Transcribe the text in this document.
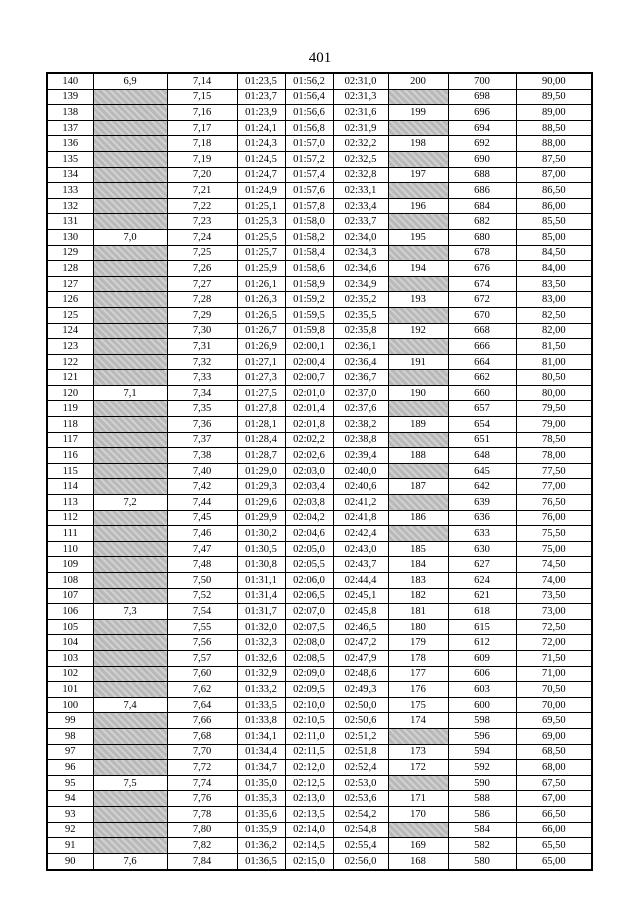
401
140	6,9	7,14	01:23,5	01:56,2	02:31,0	200	700	90,00
139		7,15	01:23,7	01:56,4	02:31,3		698	89,50
138		7,16	01:23,9	01:56,6	02:31,6	199	696	89,00
137		7,17	01:24,1	01:56,8	02:31,9		694	88,50
136		7,18	01:24,3	01:57,0	02:32,2	198	692	88,00
135		7,19	01:24,5	01:57,2	02:32,5		690	87,50
134		7,20	01:24,7	01:57,4	02:32,8	197	688	87,00
133		7,21	01:24,9	01:57,6	02:33,1		686	86,50
132		7,22	01:25,1	01:57,8	02:33,4	196	684	86,00
131		7,23	01:25,3	01:58,0	02:33,7		682	85,50
130	7,0	7,24	01:25,5	01:58,2	02:34,0	195	680	85,00
129		7,25	01:25,7	01:58,4	02:34,3		678	84,50
128		7,26	01:25,9	01:58,6	02:34,6	194	676	84,00
127		7,27	01:26,1	01:58,9	02:34,9		674	83,50
126		7,28	01:26,3	01:59,2	02:35,2	193	672	83,00
125		7,29	01:26,5	01:59,5	02:35,5		670	82,50
124		7,30	01:26,7	01:59,8	02:35,8	192	668	82,00
123		7,31	01:26,9	02:00,1	02:36,1		666	81,50
122		7,32	01:27,1	02:00,4	02:36,4	191	664	81,00
121		7,33	01:27,3	02:00,7	02:36,7		662	80,50
120	7,1	7,34	01:27,5	02:01,0	02:37,0	190	660	80,00
119		7,35	01:27,8	02:01,4	02:37,6		657	79,50
118		7,36	01:28,1	02:01,8	02:38,2	189	654	79,00
117		7,37	01:28,4	02:02,2	02:38,8		651	78,50
116		7,38	01:28,7	02:02,6	02:39,4	188	648	78,00
115		7,40	01:29,0	02:03,0	02:40,0		645	77,50
114		7,42	01:29,3	02:03,4	02:40,6	187	642	77,00
113	7,2	7,44	01:29,6	02:03,8	02:41,2		639	76,50
112		7,45	01:29,9	02:04,2	02:41,8	186	636	76,00
111		7,46	01:30,2	02:04,6	02:42,4		633	75,50
110		7,47	01:30,5	02:05,0	02:43,0	185	630	75,00
109		7,48	01:30,8	02:05,5	02:43,7	184	627	74,50
108		7,50	01:31,1	02:06,0	02:44,4	183	624	74,00
107		7,52	01:31,4	02:06,5	02:45,1	182	621	73,50
106	7,3	7,54	01:31,7	02:07,0	02:45,8	181	618	73,00
105		7,55	01:32,0	02:07,5	02:46,5	180	615	72,50
104		7,56	01:32,3	02:08,0	02:47,2	179	612	72,00
103		7,57	01:32,6	02:08,5	02:47,9	178	609	71,50
102		7,60	01:32,9	02:09,0	02:48,6	177	606	71,00
101		7,62	01:33,2	02:09,5	02:49,3	176	603	70,50
100	7,4	7,64	01:33,5	02:10,0	02:50,0	175	600	70,00
99		7,66	01:33,8	02:10,5	02:50,6	174	598	69,50
98		7,68	01:34,1	02:11,0	02:51,2		596	69,00
97		7,70	01:34,4	02:11,5	02:51,8	173	594	68,50
96		7,72	01:34,7	02:12,0	02:52,4	172	592	68,00
95	7,5	7,74	01:35,0	02:12,5	02:53,0		590	67,50
94		7,76	01:35,3	02:13,0	02:53,6	171	588	67,00
93		7,78	01:35,6	02:13,5	02:54,2	170	586	66,50
92		7,80	01:35,9	02:14,0	02:54,8		584	66,00
91		7,82	01:36,2	02:14,5	02:55,4	169	582	65,50
90	7,6	7,84	01:36,5	02:15,0	02:56,0	168	580	65,00
